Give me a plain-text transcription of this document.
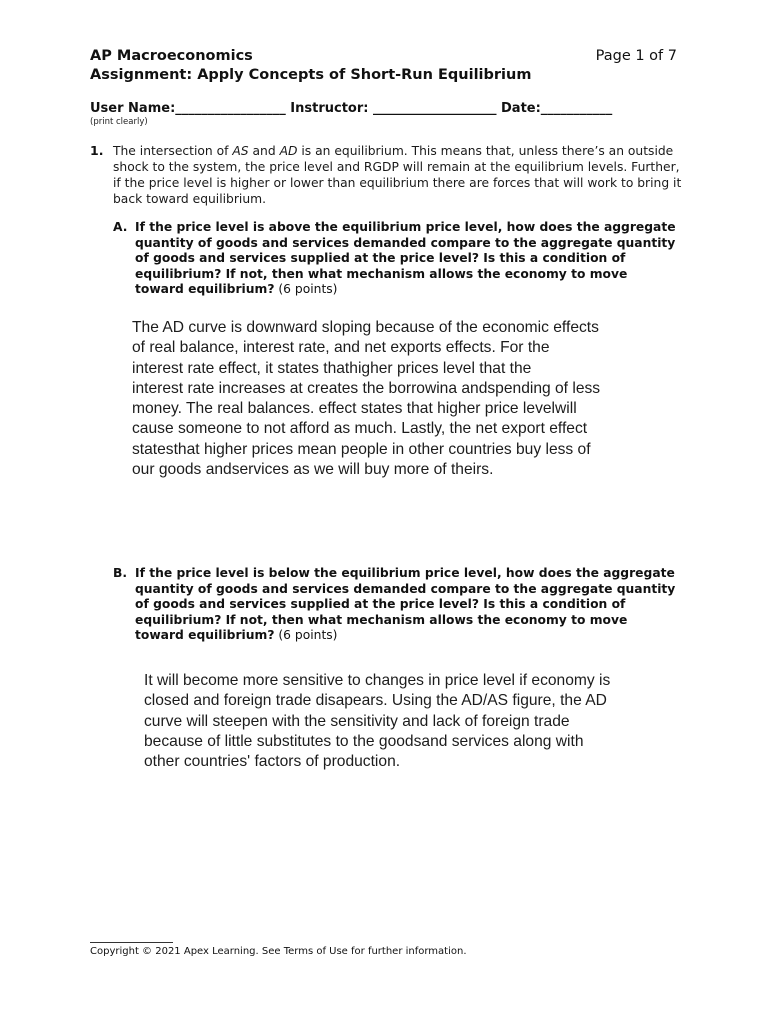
AP Macroeconomics
Assignment: Apply Concepts of Short-Run Equilibrium
Page 1 of 7
User Name:_________________ Instructor: ___________________ Date:___________
(print clearly)
1. The intersection of AS and AD is an equilibrium. This means that, unless there’s an outside shock to the system, the price level and RGDP will remain at the equilibrium levels. Further, if the price level is higher or lower than equilibrium there are forces that will work to bring it back toward equilibrium.
A. If the price level is above the equilibrium price level, how does the aggregate quantity of goods and services demanded compare to the aggregate quantity of goods and services supplied at the price level? Is this a condition of equilibrium? If not, then what mechanism allows the economy to move toward equilibrium? (6 points)
The AD curve is downward sloping because of the economic effects
of real balance, interest rate, and net exports effects. For the
interest rate effect, it states thathigher prices level that the
interest rate increases at creates the borrowina andspending of less
money. The real balances. effect states that higher price levelwill
cause someone to not afford as much. Lastly, the net export effect
statesthat higher prices mean people in other countries buy less of
our goods andservices as we will buy more of theirs.
B. If the price level is below the equilibrium price level, how does the aggregate quantity of goods and services demanded compare to the aggregate quantity of goods and services supplied at the price level? Is this a condition of equilibrium? If not, then what mechanism allows the economy to move toward equilibrium? (6 points)
It will become more sensitive to changes in price level if economy is
closed and foreign trade disapears. Using the AD/AS figure, the AD
curve will steepen with the sensitivity and lack of foreign trade
because of little substitutes to the goodsand services along with
other countries' factors of production.
Copyright © 2021 Apex Learning. See Terms of Use for further information.
